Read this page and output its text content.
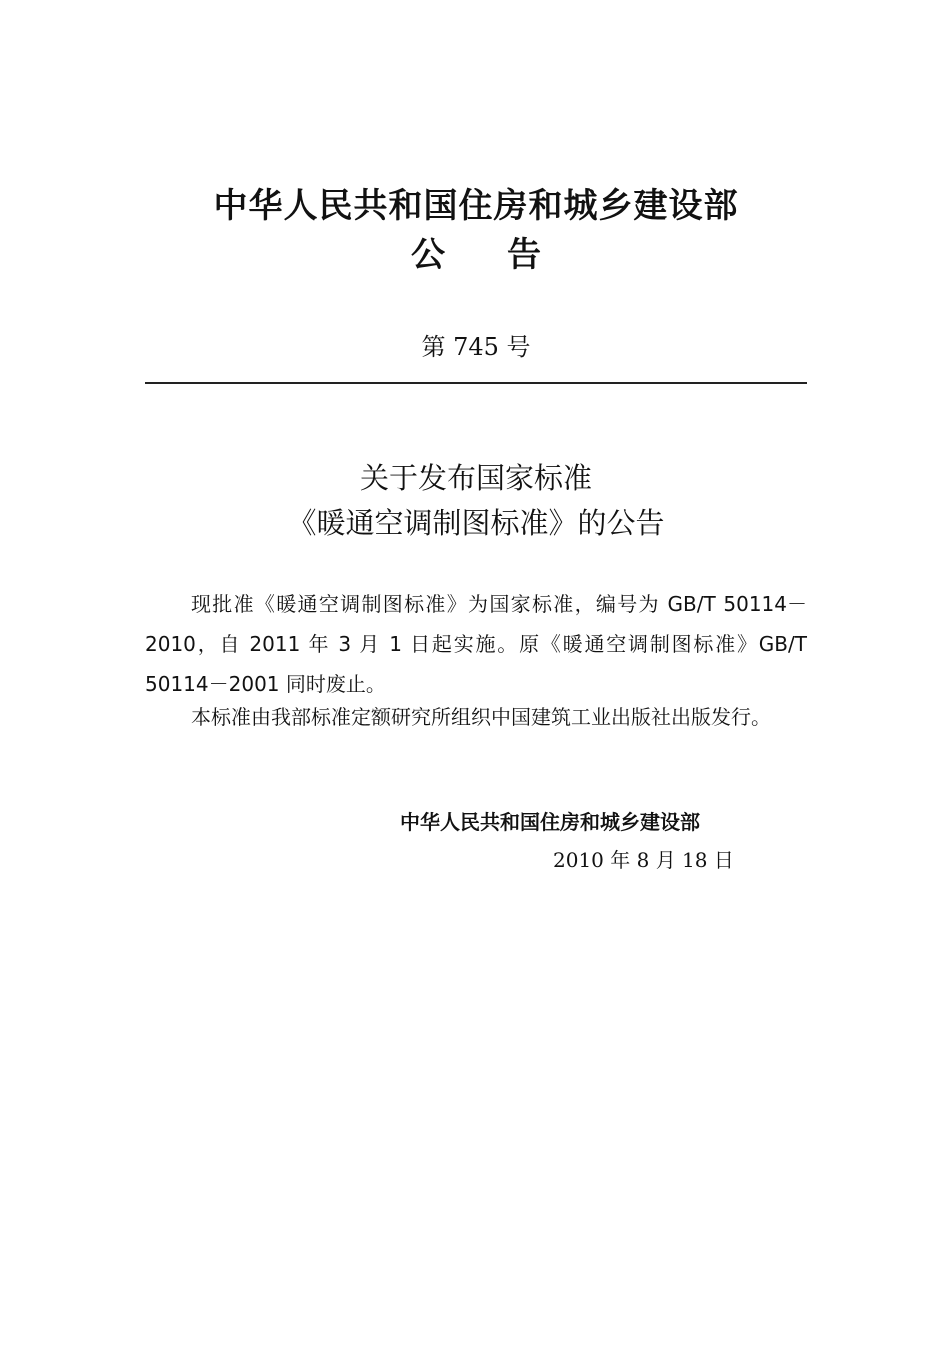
中华人民共和国住房和城乡建设部
公告
第 745 号
关于发布国家标准
《暖通空调制图标准》的公告
现批准《暖通空调制图标准》为国家标准，编号为 GB/T 50114－2010，自 2011 年 3 月 1 日起实施。原《暖通空调制图标准》GB/T 50114－2001 同时废止。
本标准由我部标准定额研究所组织中国建筑工业出版社出版发行。
中华人民共和国住房和城乡建设部
2010 年 8 月 18 日
